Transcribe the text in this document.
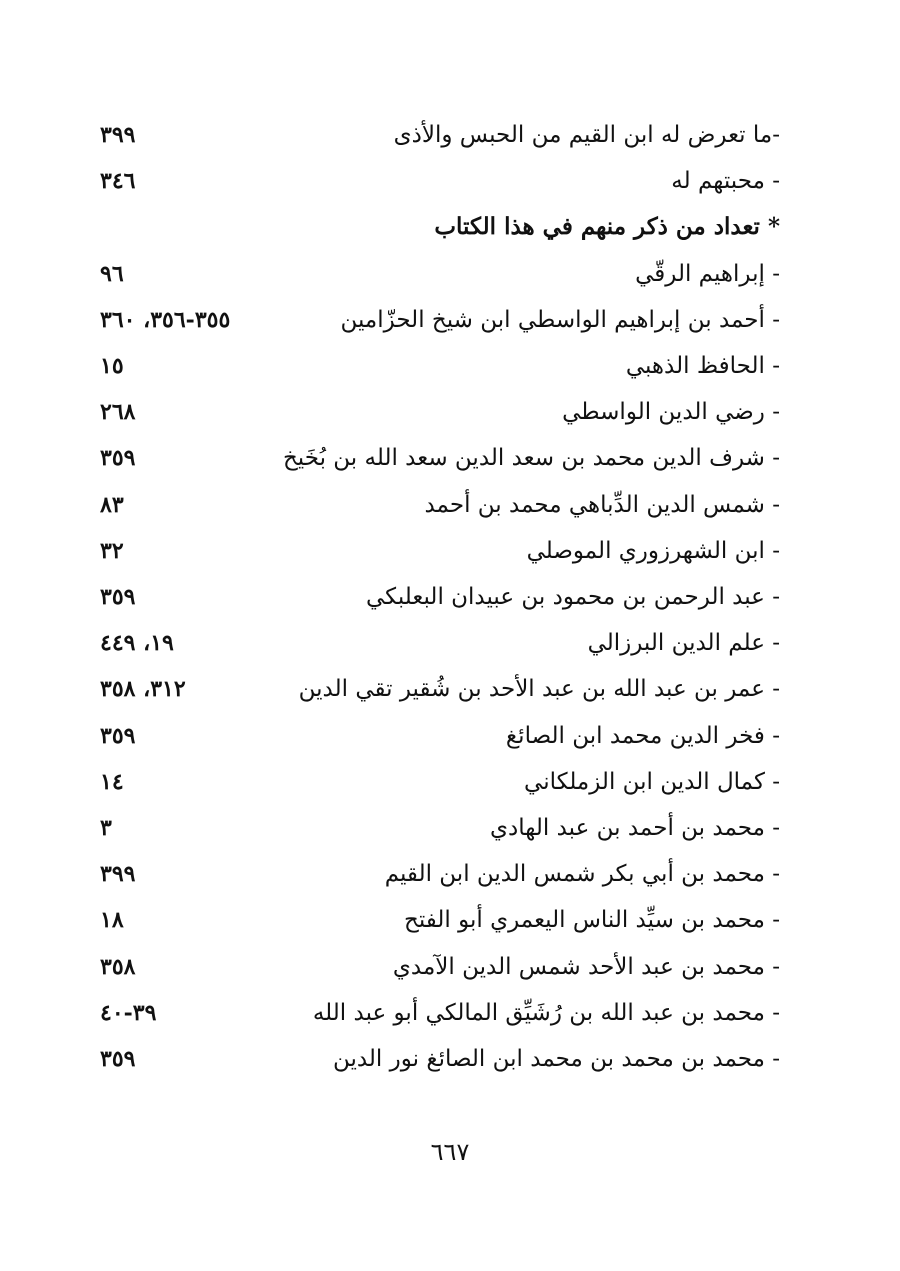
٣٩٩	-ما تعرض له ابن القيم من الحبس والأذى
٣٤٦	- محبتهم له
* تعداد من ذكر منهم في هذا الكتاب
٩٦	- إبراهيم الرقّي
٣٥٥-٣٥٦، ٣٦٠	- أحمد بن إبراهيم الواسطي ابن شيخ الحزّامين
١٥	- الحافظ الذهبي
٢٦٨	- رضي الدين الواسطي
٣٥٩	- شرف الدين محمد بن سعد الدين سعد الله بن بُخَيخ
٨٣	- شمس الدين الدِّباهي محمد بن أحمد
٣٢	- ابن الشهرزوري الموصلي
٣٥٩	- عبد الرحمن بن محمود بن عبيدان البعلبكي
١٩، ٤٤٩	- علم الدين البرزالي
٣١٢، ٣٥٨	- عمر بن عبد الله بن عبد الأحد بن شُقير تقي الدين
٣٥٩	- فخر الدين محمد ابن الصائغ
١٤	- كمال الدين ابن الزملكاني
٣	- محمد بن أحمد بن عبد الهادي
٣٩٩	- محمد بن أبي بكر شمس الدين ابن القيم
١٨	- محمد بن سيِّد الناس اليعمري أبو الفتح
٣٥٨	- محمد بن عبد الأحد شمس الدين الآمدي
٣٩-٤٠	- محمد بن عبد الله بن رُشَيِّق المالكي أبو عبد الله
٣٥٩	- محمد بن محمد بن محمد ابن الصائغ نور الدين
٦٦٧
